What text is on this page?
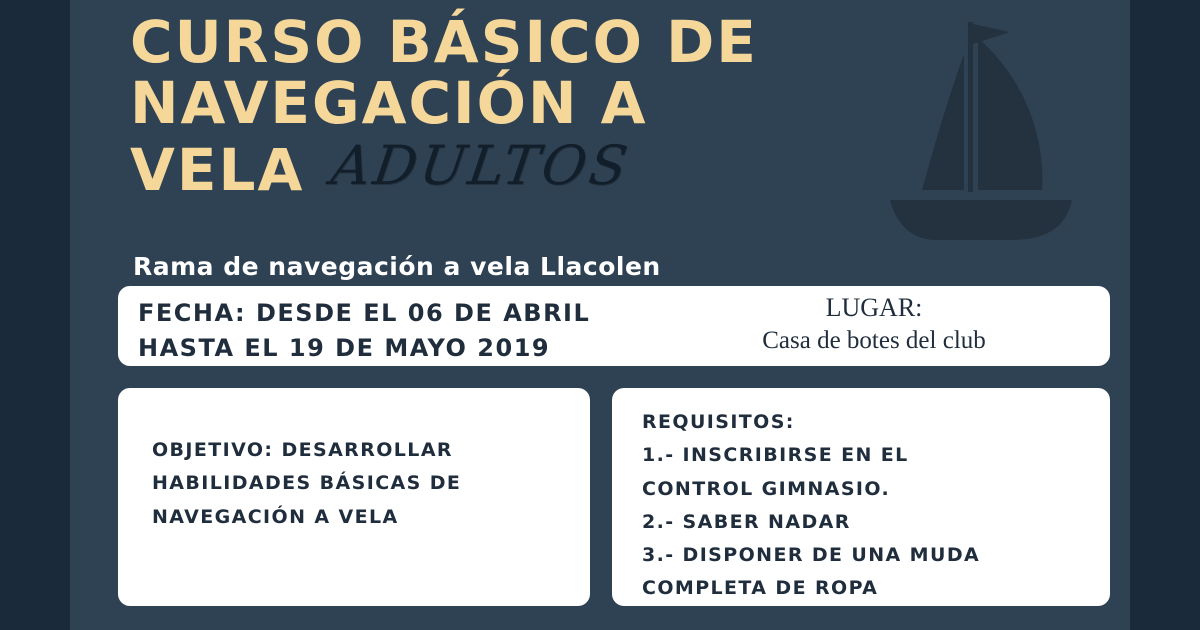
CURSO BÁSICO DE
NAVEGACIÓN A
VELA ADULTOS

Rama de navegación a vela Llacolen

FECHA: DESDE EL 06 DE ABRIL
HASTA EL 19 DE MAYO 2019
LUGAR:
Casa de botes del club
OBJETIVO: DESARROLLAR
HABILIDADES BÁSICAS DE
NAVEGACIÓN A VELA
REQUISITOS:
1.- INSCRIBIRSE EN EL
CONTROL GIMNASIO.
2.- SABER NADAR
3.- DISPONER DE UNA MUDA
COMPLETA DE ROPA
